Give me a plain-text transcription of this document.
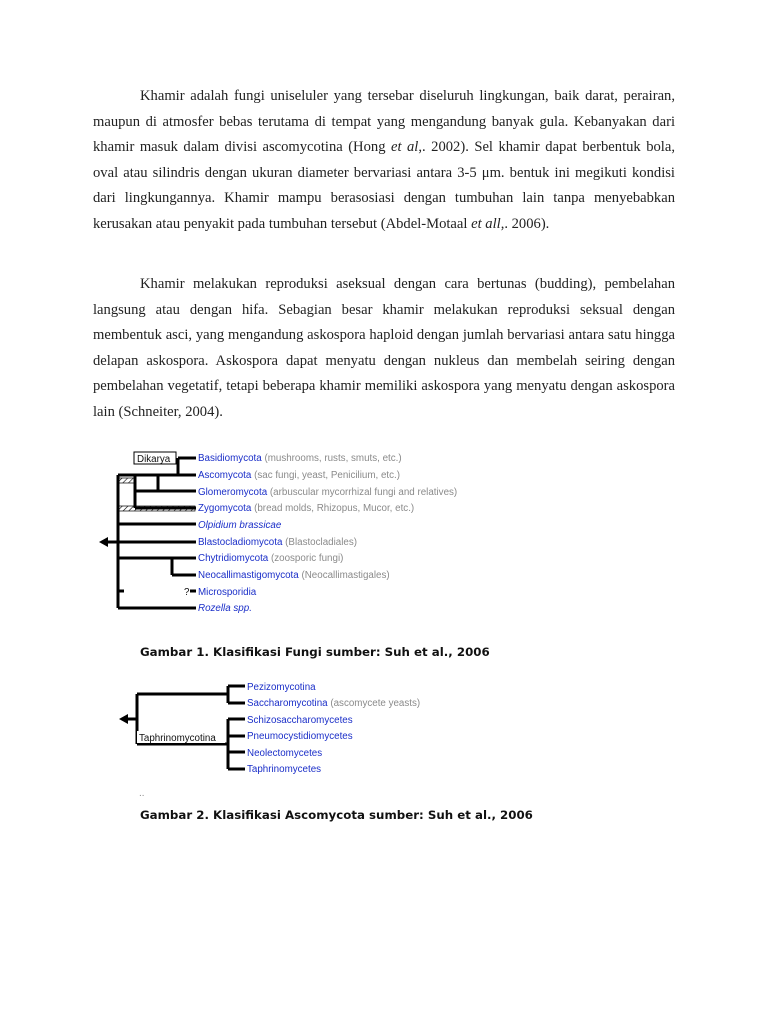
Khamir adalah fungi uniseluler yang tersebar diseluruh lingkungan, baik darat, perairan, maupun di atmosfer bebas terutama di tempat yang mengandung banyak gula. Kebanyakan dari khamir masuk dalam divisi ascomycotina (Hong et al,. 2002). Sel khamir dapat berbentuk bola, oval atau silindris dengan ukuran diameter bervariasi antara 3-5 μm. bentuk ini megikuti kondisi dari lingkungannya. Khamir mampu berasosiasi dengan tumbuhan lain tanpa menyebabkan kerusakan atau penyakit pada tumbuhan tersebut (Abdel-Motaal et all,. 2006).

Khamir melakukan reproduksi aseksual dengan cara bertunas (budding), pembelahan langsung atau dengan hifa. Sebagian besar khamir melakukan reproduksi seksual dengan membentuk asci, yang mengandung askospora haploid dengan jumlah bervariasi antara satu hingga delapan askospora. Askospora dapat menyatu dengan nukleus dan membelah seiring dengan pembelahan vegetatif, tetapi beberapa khamir memiliki askospora yang menyatu dengan askospora lain (Schneiter, 2004).

Dikarya
?
Basidiomycota (mushrooms, rusts, smuts, etc.)
Ascomycota (sac fungi, yeast, Penicilium, etc.)
Glomeromycota (arbuscular mycorrhizal fungi and relatives)
Zygomycota (bread molds, Rhizopus, Mucor, etc.)
Olpidium brassicae
Blastocladiomycota (Blastocladiales)
Chytridiomycota (zoosporic fungi)
Neocallimastigomycota (Neocallimastigales)
Microsporidia
Rozella spp.

Gambar 1. Klasifikasi Fungi sumber: Suh et al., 2006

Taphrinomycotina
Pezizomycotina
Saccharomycotina (ascomycete yeasts)
Schizosaccharomycetes
Pneumocystidiomycetes
Neolectomycetes
Taphrinomycetes
..

Gambar 2. Klasifikasi Ascomycota sumber: Suh et al., 2006
